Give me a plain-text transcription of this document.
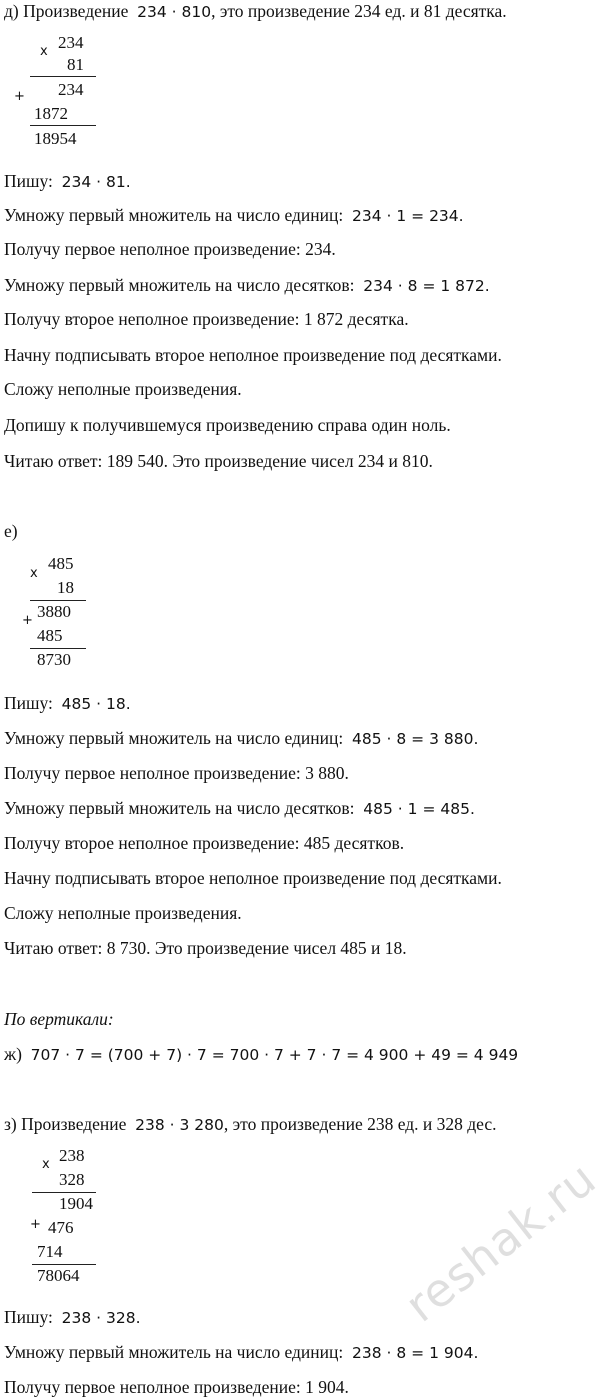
д) Произведение 234 · 810, это произведение 234 ед. и 81 десятка.
x 234
81
+ 234
1872
18954
Пишу: 234 · 81.
Умножу первый множитель на число единиц: 234 · 1 = 234.
Получу первое неполное произведение: 234.
Умножу первый множитель на число десятков: 234 · 8 = 1 872.
Получу второе неполное произведение: 1 872 десятка.
Начну подписывать второе неполное произведение под десятками.
Сложу неполные произведения.
Допишу к получившемуся произведению справа один ноль.
Читаю ответ: 189 540. Это произведение чисел 234 и 810.
е)
x
485
18
+ 3880
485
8730
Пишу: 485 · 18.
Умножу первый множитель на число единиц: 485 · 8 = 3 880.
Получу первое неполное произведение: 3 880.
Умножу первый множитель на число десятков: 485 · 1 = 485.
Получу второе неполное произведение: 485 десятков.
Начну подписывать второе неполное произведение под десятками.
Сложу неполные произведения.
Читаю ответ: 8 730. Это произведение чисел 485 и 18.
По вертикали:
ж) 707 · 7 = (700 + 7) · 7 = 700 · 7 + 7 · 7 = 4 900 + 49 = 4 949
з) Произведение 238 · 3 280, это произведение 238 ед. и 328 дес.
x 238
328
1904
+ 476
714
78064
Пишу: 238 · 328.
Умножу первый множитель на число единиц: 238 · 8 = 1 904.
Получу первое неполное произведение: 1 904.
reshak.ru
